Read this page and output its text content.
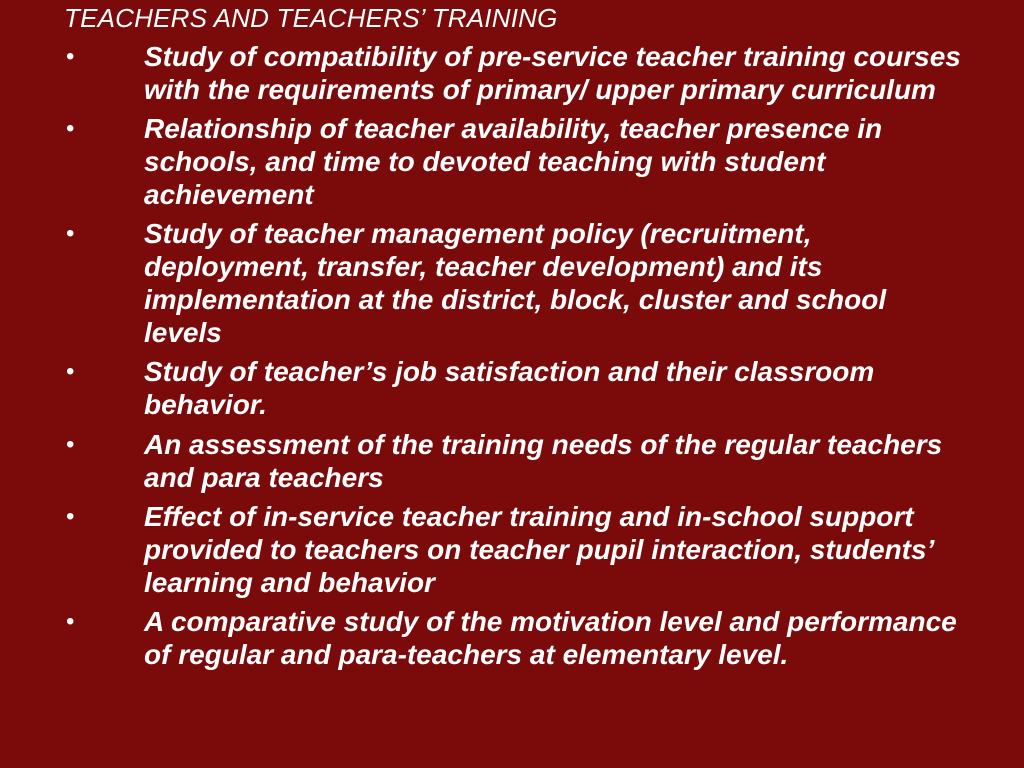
TEACHERS AND TEACHERS’ TRAINING
• Study of compatibility of pre-service teacher training courses with the requirements of primary/ upper primary curriculum
• Relationship of teacher availability, teacher presence in schools, and time to devoted teaching with student achievement
• Study of teacher management policy (recruitment, deployment, transfer, teacher development) and its implementation at the district, block, cluster and school levels
• Study of teacher’s job satisfaction and their classroom behavior.
• An assessment of the training needs of the regular teachers and para teachers
• Effect of in-service teacher training and in-school support provided to teachers on teacher pupil interaction, students’ learning and behavior
• A comparative study of the motivation level and performance of regular and para-teachers at elementary level.
